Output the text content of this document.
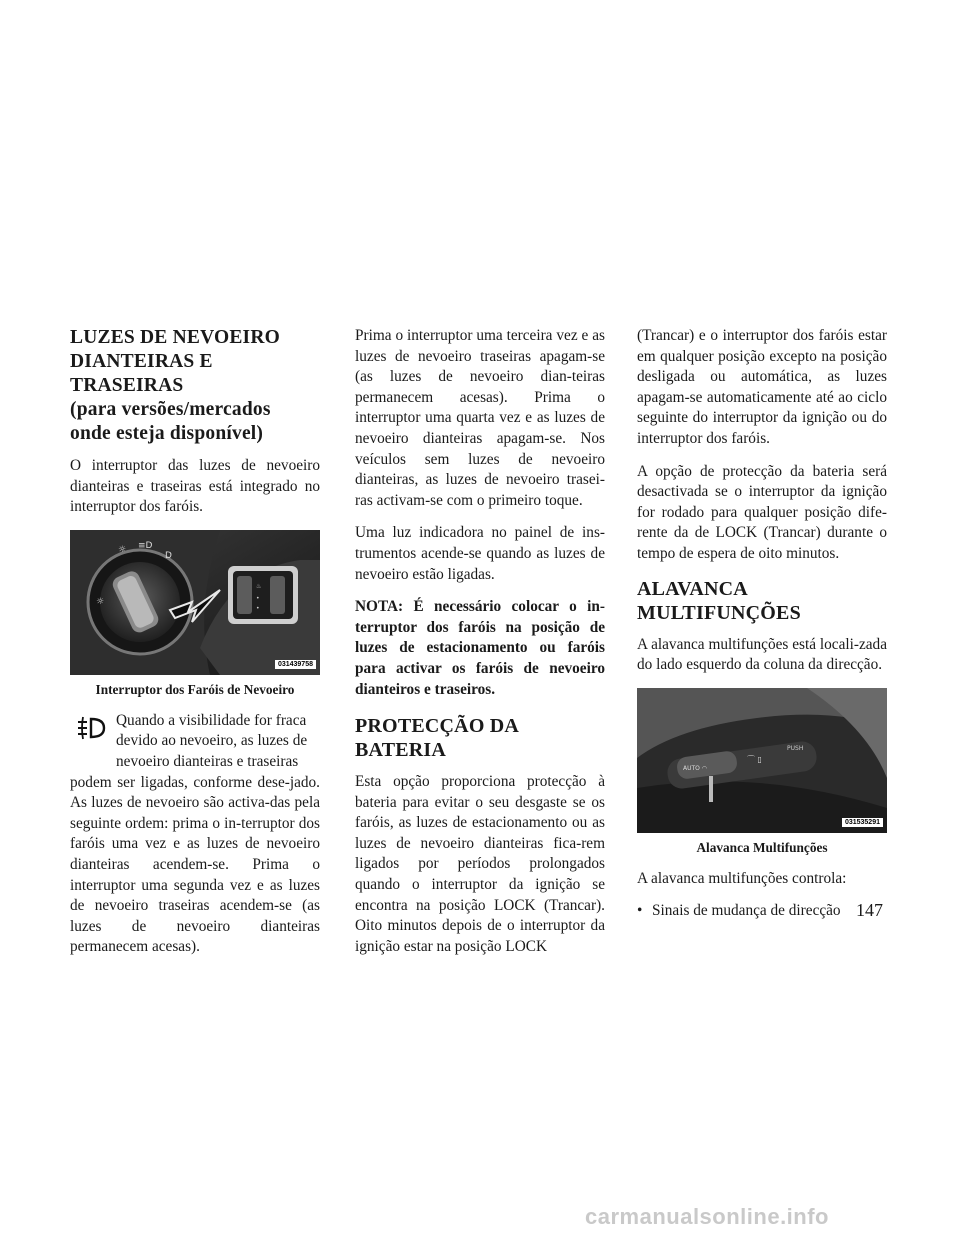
LUZES DE NEVOEIRO
DIANTEIRAS E TRASEIRAS
(para versões/mercados
onde esteja disponível)

O interruptor das luzes de nevoeiro dianteiras e traseiras está integrado no interruptor dos faróis.

☼ ≡D
D
☼
♨
•
•
031439758
Interruptor dos Faróis de Nevoeiro

Quando a visibilidade for fraca
devido ao nevoeiro, as luzes de
nevoeiro dianteiras e traseiras
podem ser ligadas, conforme dese-jado. As luzes de nevoeiro são activa-das pela seguinte ordem: prima o in-terruptor dos faróis uma vez e as luzes de nevoeiro dianteiras acendem-se. Prima o interruptor uma segunda vez e as luzes de nevoeiro traseiras acendem-se (as luzes de nevoeiro dianteiras permanecem acesas).

Prima o interruptor uma terceira vez e as luzes de nevoeiro traseiras apagam-se (as luzes de nevoeiro dian-teiras permanecem acesas). Prima o interruptor uma quarta vez e as luzes de nevoeiro dianteiras apagam-se. Nos veículos sem luzes de nevoeiro dianteiras, as luzes de nevoeiro trasei-ras activam-se com o primeiro toque.

Uma luz indicadora no painel de ins-trumentos acende-se quando as luzes de nevoeiro estão ligadas.

NOTA: É necessário colocar o in-terruptor dos faróis na posição de luzes de estacionamento ou faróis para activar os faróis de nevoeiro dianteiros e traseiros.

PROTECÇÃO DA BATERIA

Esta opção proporciona protecção à bateria para evitar o seu desgaste se os faróis, as luzes de estacionamento ou as luzes de nevoeiro dianteiras fica-rem ligados por períodos prolongados quando o interruptor da ignição se encontra na posição LOCK (Trancar). Oito minutos depois de o interruptor da ignição estar na posição LOCK

(Trancar) e o interruptor dos faróis estar em qualquer posição excepto na posição desligada ou automática, as luzes apagam-se automaticamente até ao ciclo seguinte do interruptor da ignição ou do interruptor dos faróis.

A opção de protecção da bateria será desactivada se o interruptor da ignição for rodado para qualquer posição dife-rente da de LOCK (Trancar) durante o tempo de espera de oito minutos.

ALAVANCA
MULTIFUNÇÕES

A alavanca multifunções está locali-zada do lado esquerdo da coluna da direcção.

AUTO ◠
⌒ ▯
PUSH
031535291
Alavanca Multifunções

A alavanca multifunções controla:

• Sinais de mudança de direcção 147
carmanualsonline.info
